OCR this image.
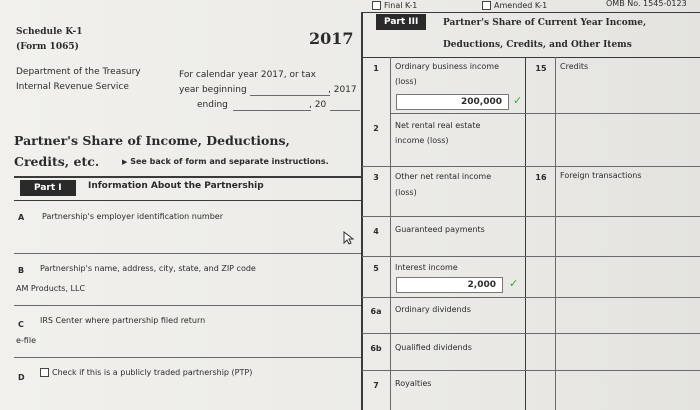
Final K-1	Amended K-1	OMB No. 1545-0123
Schedule K-1
(Form 1065)	2017
Department of the Treasury
Internal Revenue Service
For calendar year 2017, or tax
year beginning	, 2017
ending	, 20
Partner's Share of Income, Deductions,
Credits, etc.	▶ See back of form and separate instructions.
Part I	Information About the Partnership
A Partnership's employer identification number
B Partnership's name, address, city, state, and ZIP code
AM Products, LLC
C IRS Center where partnership filed return
e-file
D
Check if this is a publicly traded partnership (PTP)
Part III	Partner's Share of Current Year Income,
Deductions, Credits, and Other Items
1	Ordinary business income
(loss)
200,000	✓
2	Net rental real estate
income (loss)
3	Other net rental income
(loss)
4	Guaranteed payments
5	Interest income
2,000	✓
6a	Ordinary dividends
6b	Qualified dividends
7	Royalties
15	Credits
16	Foreign transactions
